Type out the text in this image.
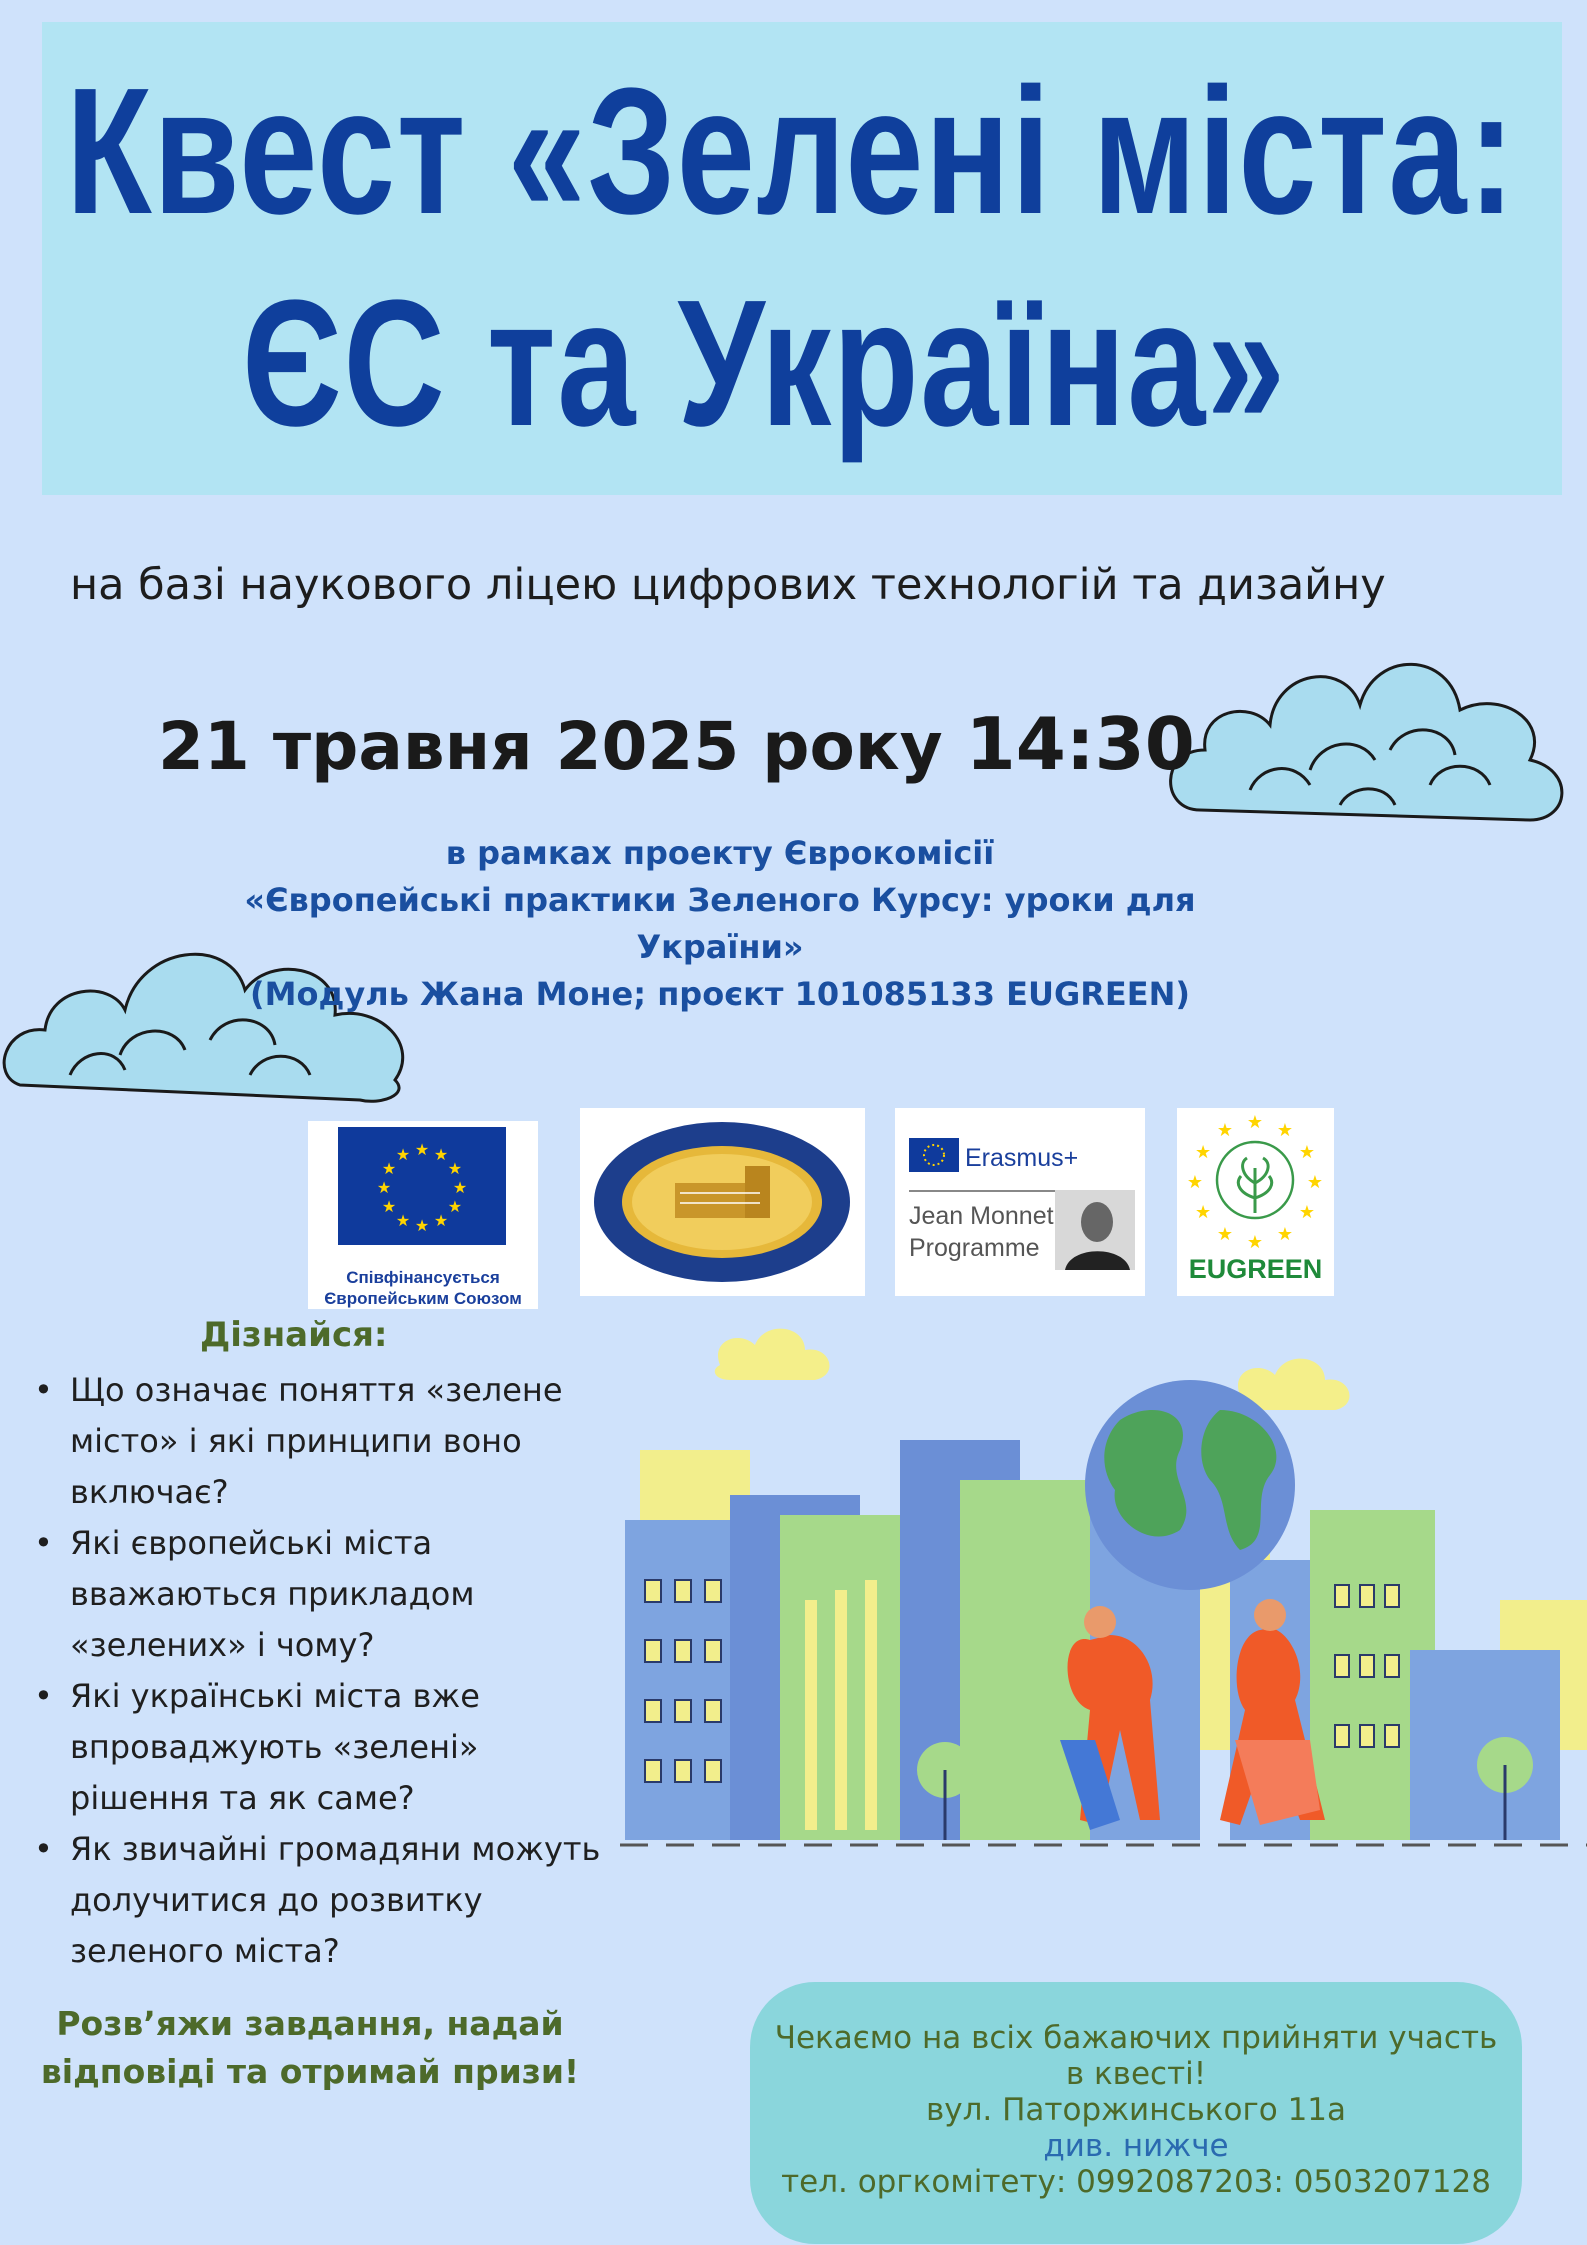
Квест «Зелені міста:
ЄС та Україна»
на базі наукового ліцею цифрових технологій та дизайну
21 травня 2025 року 14:30
в рамках проекту Єврокомісії
«Європейські практики Зеленого Курсу: уроки для України»
(Модуль Жана Моне; проєкт 101085133 EUGREEN)
★ ★
★
★
★
★
★
★
★
★
★
★
Співфінансується
Європейським Союзом
Erasmus+
Jean Monnet
Programme
★ ★
★
★
★
★
★
★
★
★
★
★
EUGREEN
Дізнайся:
• Що означає поняття «зелене місто» і які принципи воно включає?
• Які європейські міста вважаються прикладом «зелених» і чому?
• Які українські міста вже впроваджують «зелені» рішення та як саме?
• Як звичайні громадяни можуть долучитися до розвитку зеленого міста?
Розв’яжи завдання, надай
відповіді та отримай призи!
Чекаємо на всіх бажаючих прийняти участь
в квесті!
вул. Паторжинського 11а
див. нижче
тел. оргкомітету: 0992087203: 0503207128
